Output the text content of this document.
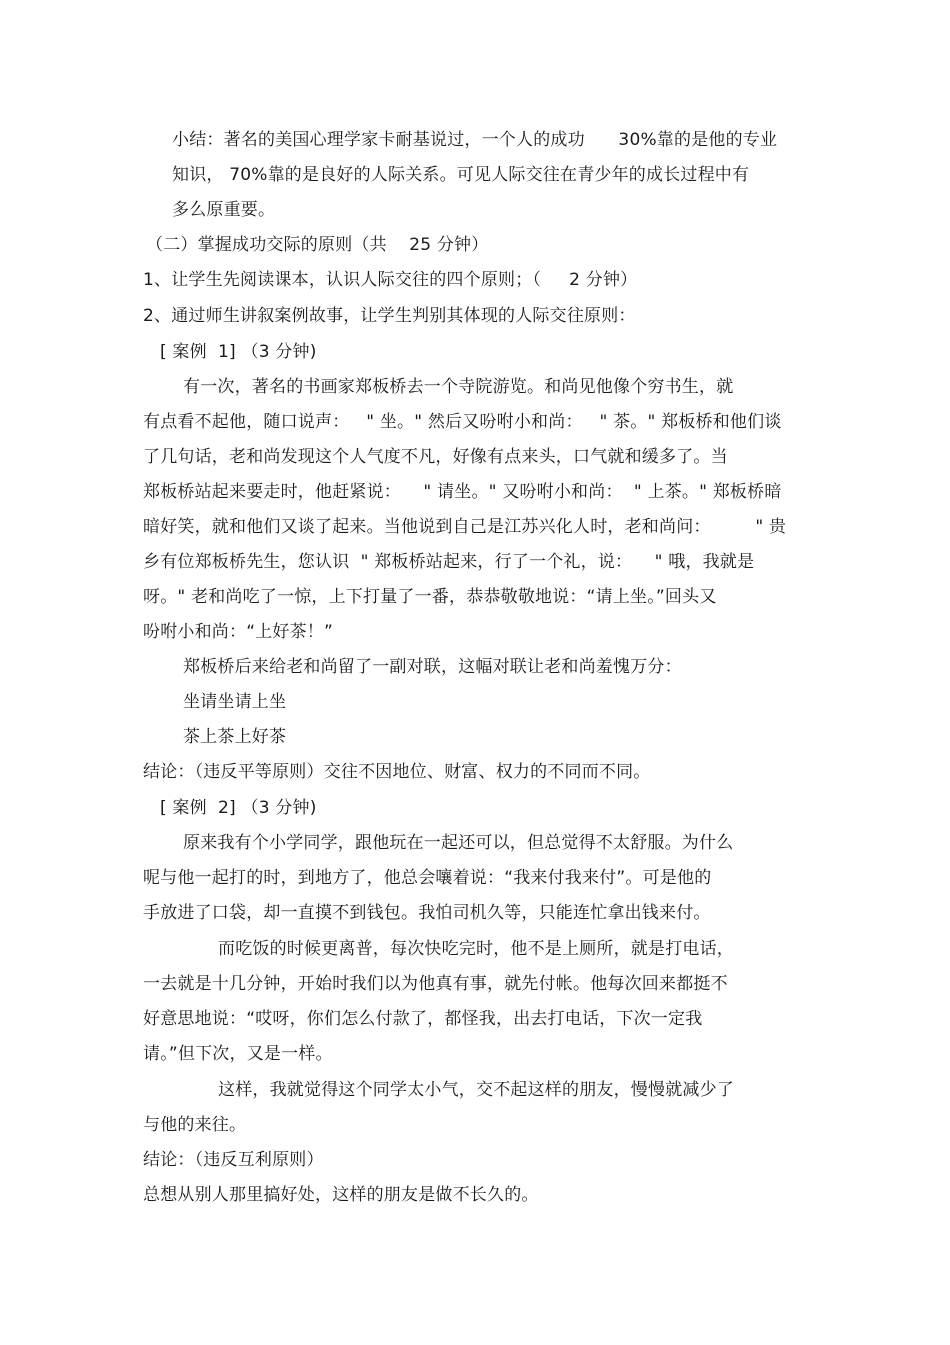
小结：著名的美国心理学家卡耐基说过，一个人的成功      30%靠的是他的专业
知识， 70%靠的是良好的人际关系。可见人际交往在青少年的成长过程中有
多么原重要。
（二）掌握成功交际的原则（共    25 分钟）
1、让学生先阅读课本，认识人际交往的四个原则；（     2 分钟）
2、通过师生讲叙案例故事，让学生判别其体现的人际交往原则：
[ 案例  1] （3 分钟)
有一次，著名的书画家郑板桥去一个寺院游览。和尚见他像个穷书生，就
有点看不起他，随口说声：   " 坐。" 然后又吩咐小和尚：   " 茶。" 郑板桥和他们谈
了几句话，老和尚发现这个人气度不凡，好像有点来头，口气就和缓多了。当
郑板桥站起来要走时，他赶紧说：    " 请坐。" 又吩咐小和尚：  " 上茶。" 郑板桥暗
暗好笑，就和他们又谈了起来。当他说到自己是江苏兴化人时，老和尚问：        " 贵
乡有位郑板桥先生，您认识  " 郑板桥站起来，行了一个礼，说：    " 哦，我就是
呀。" 老和尚吃了一惊，上下打量了一番，恭恭敬敬地说：“请上坐。”回头又
吩咐小和尚：“上好茶！”
郑板桥后来给老和尚留了一副对联，这幅对联让老和尚羞愧万分：
坐请坐请上坐
茶上茶上好茶
结论：（违反平等原则）交往不因地位、财富、权力的不同而不同。
[ 案例  2] （3 分钟)
原来我有个小学同学，跟他玩在一起还可以，但总觉得不太舒服。为什么
呢与他一起打的时，到地方了，他总会嚷着说：“我来付我来付”。可是他的
手放进了口袋，却一直摸不到钱包。我怕司机久等，只能连忙拿出钱来付。
而吃饭的时候更离普，每次快吃完时，他不是上厕所，就是打电话，
一去就是十几分钟，开始时我们以为他真有事，就先付帐。他每次回来都挺不
好意思地说：“哎呀，你们怎么付款了，都怪我，出去打电话，下次一定我
请。”但下次，又是一样。
这样，我就觉得这个同学太小气，交不起这样的朋友，慢慢就减少了
与他的来往。
结论：（违反互利原则）
总想从别人那里搞好处，这样的朋友是做不长久的。
